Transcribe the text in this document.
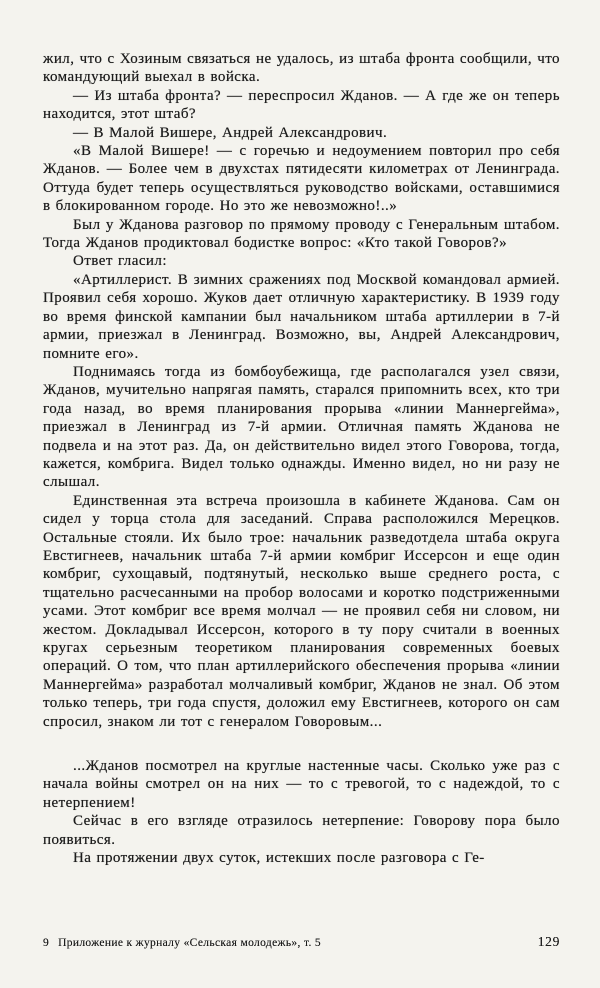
жил, что с Хозиным связаться не удалось, из штаба фронта сообщили, что командующий выехал в войска.

— Из штаба фронта? — переспросил Жданов. — А где же он теперь находится, этот штаб?

— В Малой Вишере, Андрей Александрович.

«В Малой Вишере! — с горечью и недоумением повторил про себя Жданов. — Более чем в двухстах пятидесяти километрах от Ленинграда. Оттуда будет теперь осуществляться руководство войсками, оставшимися в блокированном городе. Но это же невозможно!..»

Был у Жданова разговор по прямому проводу с Генеральным штабом. Тогда Жданов продиктовал бодистке вопрос: «Кто такой Говоров?»

Ответ гласил:

«Артиллерист. В зимних сражениях под Москвой командовал армией. Проявил себя хорошо. Жуков дает отличную характеристику. В 1939 году во время финской кампании был начальником штаба артиллерии в 7-й армии, приезжал в Ленинград. Возможно, вы, Андрей Александрович, помните его».

Поднимаясь тогда из бомбоубежища, где располагался узел связи, Жданов, мучительно напрягая память, старался припомнить всех, кто три года назад, во время планирования прорыва «линии Маннергейма», приезжал в Ленинград из 7-й армии. Отличная память Жданова не подвела и на этот раз. Да, он действительно видел этого Говорова, тогда, кажется, комбрига. Видел только однажды. Именно видел, но ни разу не слышал.

Единственная эта встреча произошла в кабинете Жданова. Сам он сидел у торца стола для заседаний. Справа расположился Мерецков. Остальные стояли. Их было трое: начальник разведотдела штаба округа Евстигнеев, начальник штаба 7-й армии комбриг Иссерсон и еще один комбриг, сухощавый, подтянутый, несколько выше среднего роста, с тщательно расчесанными на пробор волосами и коротко подстриженными усами. Этот комбриг все время молчал — не проявил себя ни словом, ни жестом. Докладывал Иссерсон, которого в ту пору считали в военных кругах серьезным теоретиком планирования современных боевых операций. О том, что план артиллерийского обеспечения прорыва «линии Маннергейма» разработал молчаливый комбриг, Жданов не знал. Об этом только теперь, три года спустя, доложил ему Евстигнеев, которого он сам спросил, знаком ли тот с генералом Говоровым...

...Жданов посмотрел на круглые настенные часы. Сколько уже раз с начала войны смотрел он на них — то с тревогой, то с надеждой, то с нетерпением!

Сейчас в его взгляде отразилось нетерпение: Говорову пора было появиться.

На протяжении двух суток, истекших после разговора с Ге-

9 Приложение к журналу «Сельская молодежь», т. 5	129
